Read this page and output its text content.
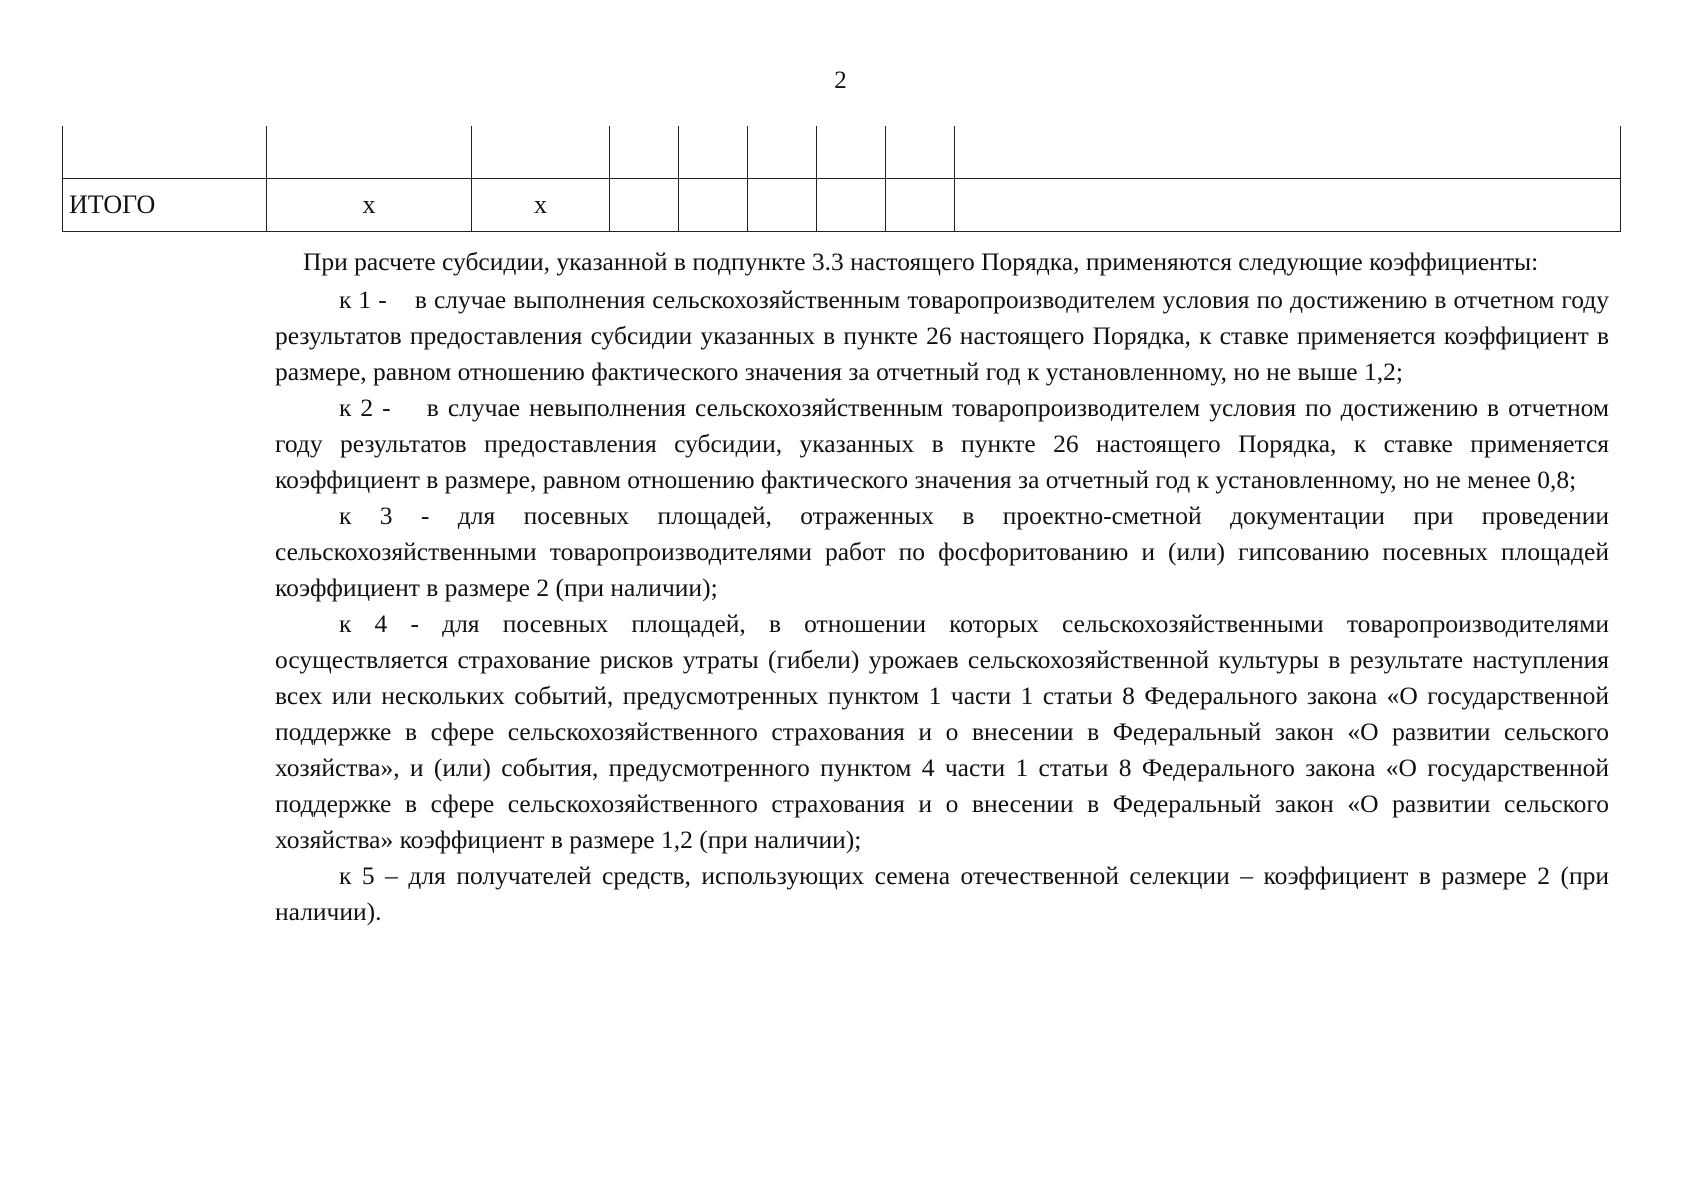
2

ИТОГО	x	x						

При расчете субсидии, указанной в подпункте 3.3 настоящего Порядка, применяются следующие коэффициенты:

к 1 -    в случае выполнения сельскохозяйственным товаропроизводителем условия по достижению в отчетном году результатов предоставления субсидии указанных в пункте 26 настоящего Порядка, к ставке применяется коэффициент в размере, равном отношению фактического значения за отчетный год к установленному, но не выше 1,2;

к 2 -    в случае невыполнения сельскохозяйственным товаропроизводителем условия по достижению в отчетном году результатов предоставления субсидии, указанных в пункте 26 настоящего Порядка, к ставке применяется коэффициент в размере, равном отношению фактического значения за отчетный год к установленному, но не менее 0,8;

к 3 - для посевных площадей, отраженных в проектно-сметной документации при проведении сельскохозяйственными товаропроизводителями работ по фосфоритованию и (или) гипсованию посевных площадей коэффициент в размере 2 (при наличии);

к 4 - для посевных площадей, в отношении которых сельскохозяйственными товаропроизводителями осуществляется страхование рисков утраты (гибели) урожаев сельскохозяйственной культуры в результате наступления всех или нескольких событий, предусмотренных пунктом 1 части 1 статьи 8 Федерального закона «О государственной поддержке в сфере сельскохозяйственного страхования и о внесении в Федеральный закон «О развитии сельского хозяйства», и (или) события, предусмотренного пунктом 4 части 1 статьи 8 Федерального закона «О государственной поддержке в сфере сельскохозяйственного страхования и о внесении в Федеральный закон «О развитии сельского хозяйства» коэффициент в размере 1,2 (при наличии);

к 5 – для получателей средств, использующих семена отечественной селекции – коэффициент в размере 2 (при наличии).
